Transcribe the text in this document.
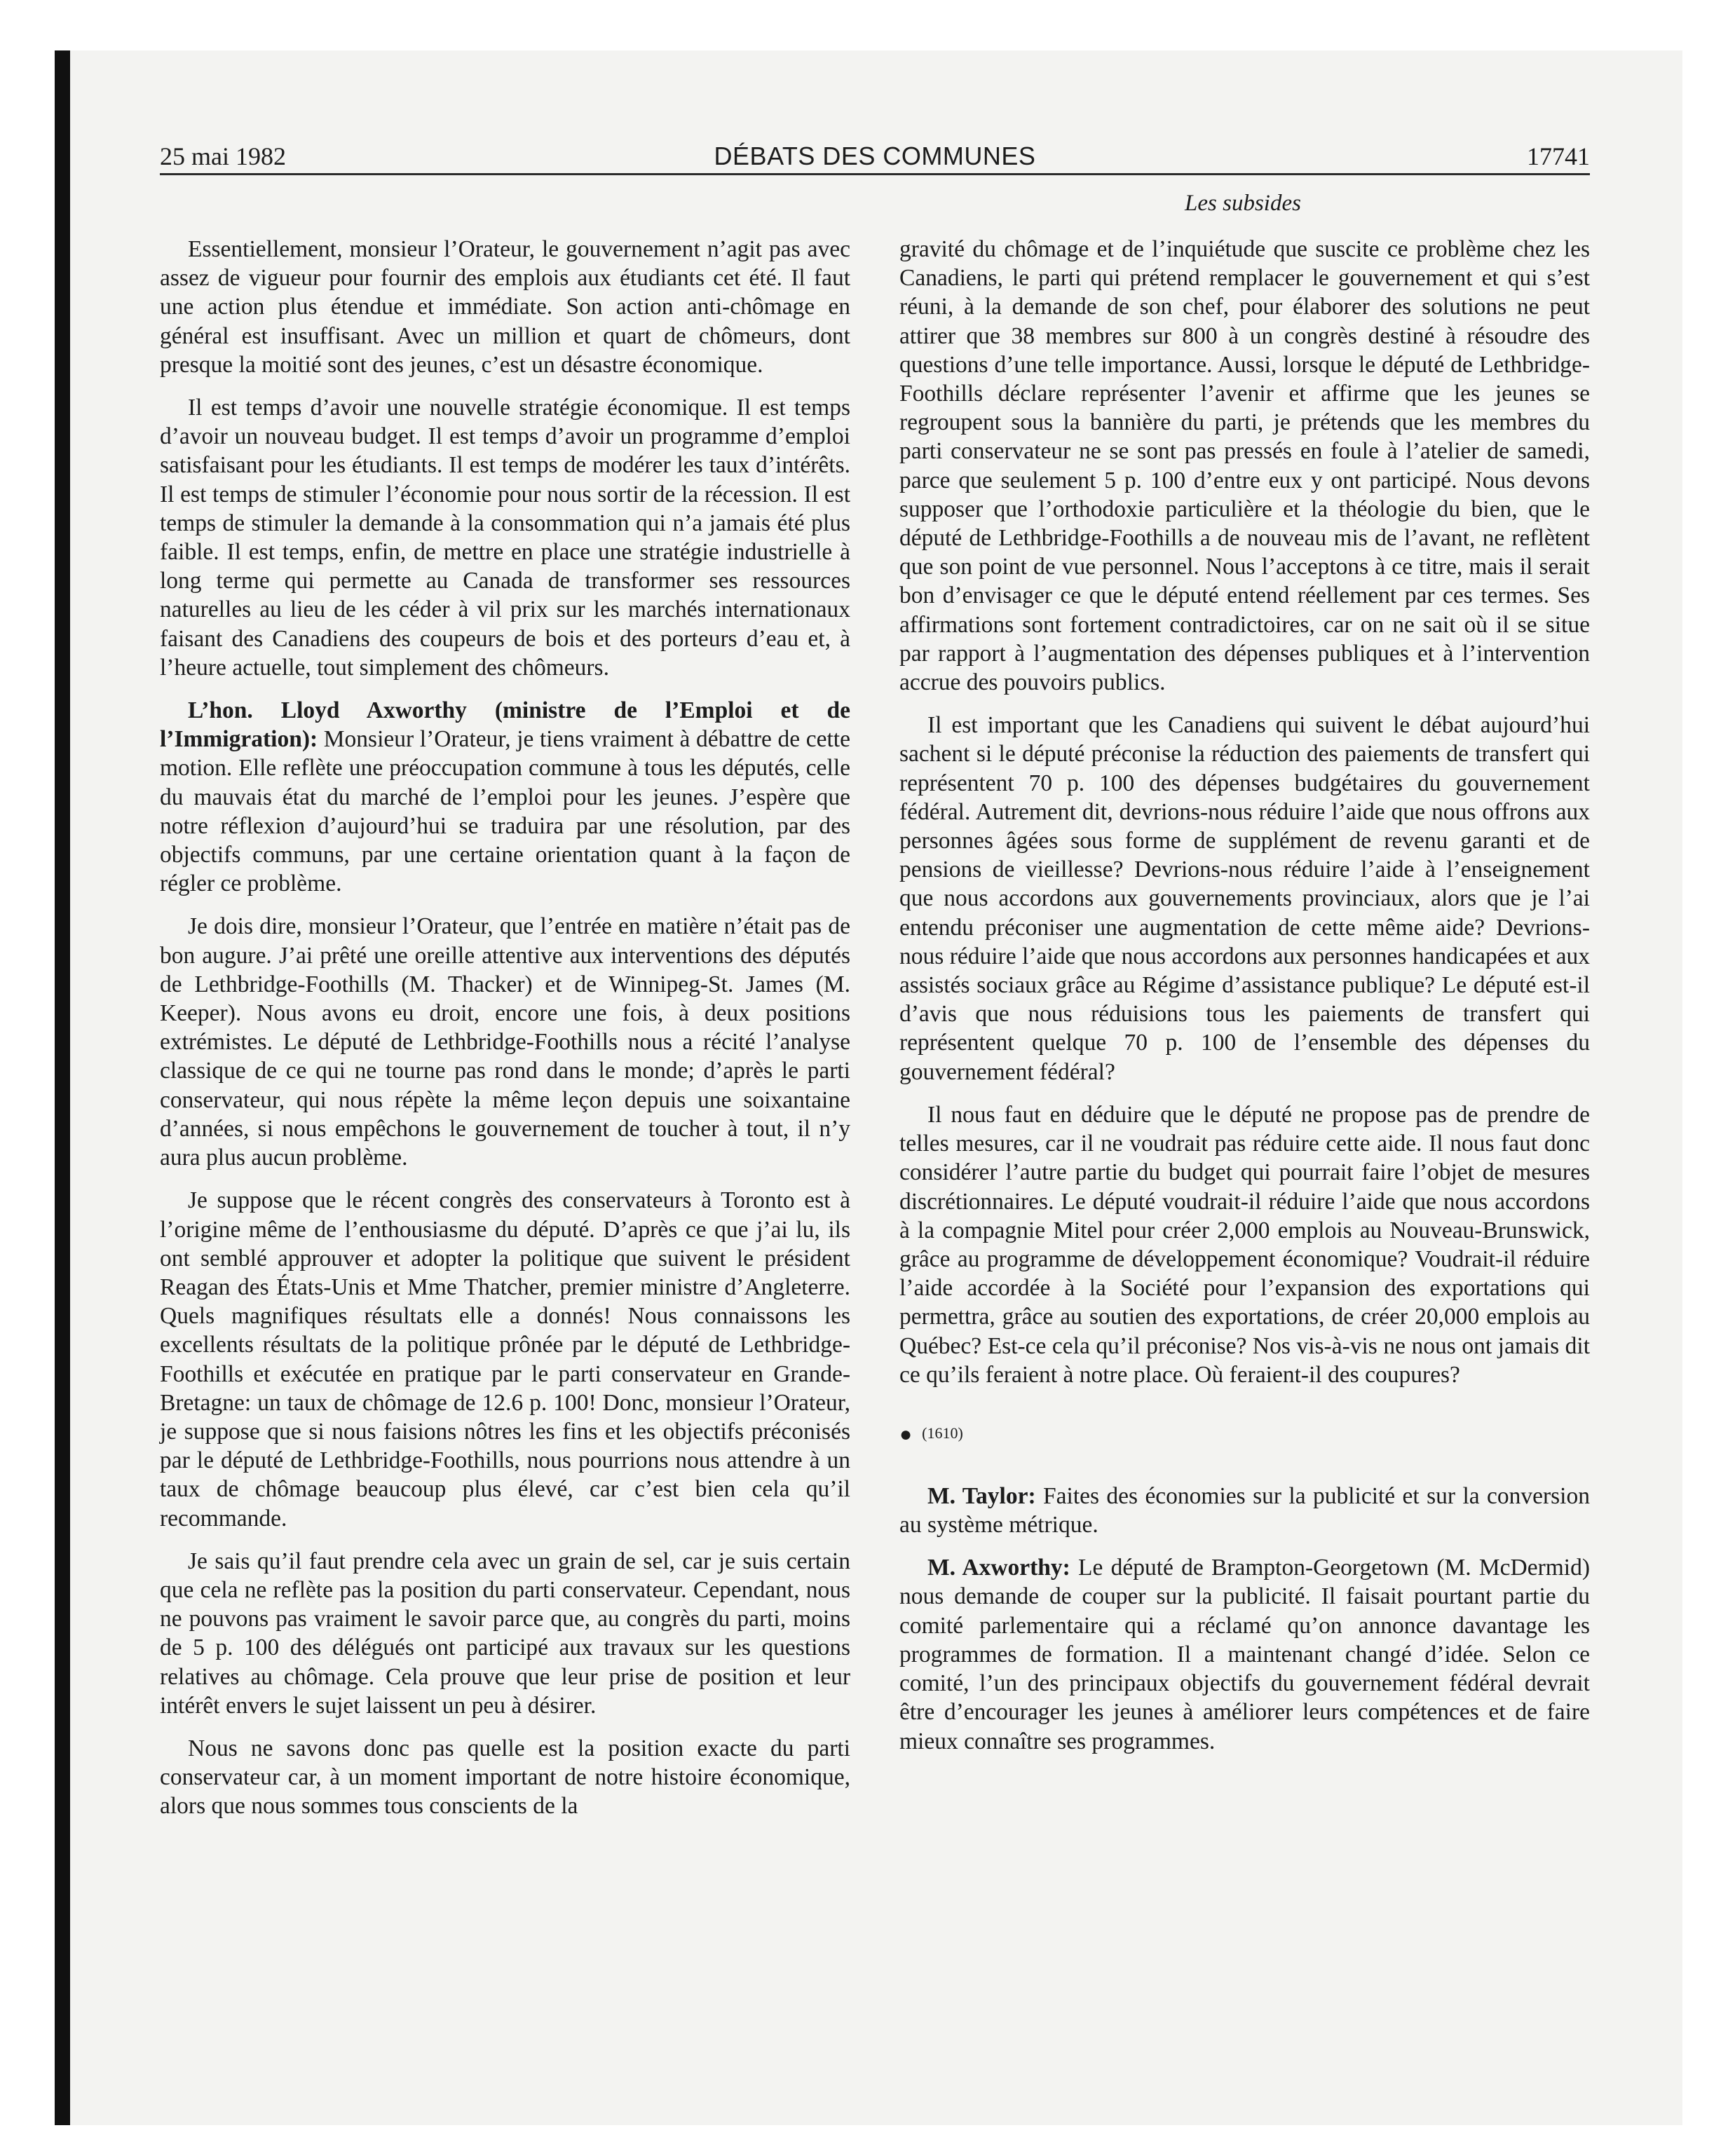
25 mai 1982	DÉBATS DES COMMUNES	17741
Les subsides

Essentiellement, monsieur l’Orateur, le gouvernement n’agit pas avec assez de vigueur pour fournir des emplois aux étudiants cet été. Il faut une action plus étendue et immédiate. Son action anti-chômage en général est insuffisant. Avec un million et quart de chômeurs, dont presque la moitié sont des jeunes, c’est un désastre économique.

Il est temps d’avoir une nouvelle stratégie économique. Il est temps d’avoir un nouveau budget. Il est temps d’avoir un programme d’emploi satisfaisant pour les étudiants. Il est temps de modérer les taux d’intérêts. Il est temps de stimuler l’économie pour nous sortir de la récession. Il est temps de stimuler la demande à la consommation qui n’a jamais été plus faible. Il est temps, enfin, de mettre en place une stratégie industrielle à long terme qui permette au Canada de transformer ses ressources naturelles au lieu de les céder à vil prix sur les marchés internationaux faisant des Canadiens des coupeurs de bois et des porteurs d’eau et, à l’heure actuelle, tout simplement des chômeurs.

L’hon. Lloyd Axworthy (ministre de l’Emploi et de l’Immigration): Monsieur l’Orateur, je tiens vraiment à débattre de cette motion. Elle reflète une préoccupation commune à tous les députés, celle du mauvais état du marché de l’emploi pour les jeunes. J’espère que notre réflexion d’aujourd’hui se traduira par une résolution, par des objectifs communs, par une certaine orientation quant à la façon de régler ce problème.

Je dois dire, monsieur l’Orateur, que l’entrée en matière n’était pas de bon augure. J’ai prêté une oreille attentive aux interventions des députés de Lethbridge-Foothills (M. Thacker) et de Winnipeg-St. James (M. Keeper). Nous avons eu droit, encore une fois, à deux positions extrémistes. Le député de Lethbridge-Foothills nous a récité l’analyse classique de ce qui ne tourne pas rond dans le monde; d’après le parti conservateur, qui nous répète la même leçon depuis une soixantaine d’années, si nous empêchons le gouvernement de toucher à tout, il n’y aura plus aucun problème.

Je suppose que le récent congrès des conservateurs à Toronto est à l’origine même de l’enthousiasme du député. D’après ce que j’ai lu, ils ont semblé approuver et adopter la politique que suivent le président Reagan des États-Unis et Mme Thatcher, premier ministre d’Angleterre. Quels magnifiques résultats elle a donnés! Nous connaissons les excellents résultats de la politique prônée par le député de Lethbridge-Foothills et exécutée en pratique par le parti conservateur en Grande-Bretagne: un taux de chômage de 12.6 p. 100! Donc, monsieur l’Orateur, je suppose que si nous faisions nôtres les fins et les objectifs préconisés par le député de Lethbridge-Foothills, nous pourrions nous attendre à un taux de chômage beaucoup plus élevé, car c’est bien cela qu’il recommande.

Je sais qu’il faut prendre cela avec un grain de sel, car je suis certain que cela ne reflète pas la position du parti conservateur. Cependant, nous ne pouvons pas vraiment le savoir parce que, au congrès du parti, moins de 5 p. 100 des délégués ont participé aux travaux sur les questions relatives au chômage. Cela prouve que leur prise de position et leur intérêt envers le sujet laissent un peu à désirer.

Nous ne savons donc pas quelle est la position exacte du parti conservateur car, à un moment important de notre histoire économique, alors que nous sommes tous conscients de la

gravité du chômage et de l’inquiétude que suscite ce problème chez les Canadiens, le parti qui prétend remplacer le gouvernement et qui s’est réuni, à la demande de son chef, pour élaborer des solutions ne peut attirer que 38 membres sur 800 à un congrès destiné à résoudre des questions d’une telle importance. Aussi, lorsque le député de Lethbridge-Foothills déclare représenter l’avenir et affirme que les jeunes se regroupent sous la bannière du parti, je prétends que les membres du parti conservateur ne se sont pas pressés en foule à l’atelier de samedi, parce que seulement 5 p. 100 d’entre eux y ont participé. Nous devons supposer que l’orthodoxie particulière et la théologie du bien, que le député de Lethbridge-Foothills a de nouveau mis de l’avant, ne reflètent que son point de vue personnel. Nous l’acceptons à ce titre, mais il serait bon d’envisager ce que le député entend réellement par ces termes. Ses affirmations sont fortement contradictoires, car on ne sait où il se situe par rapport à l’augmentation des dépenses publiques et à l’intervention accrue des pouvoirs publics.

Il est important que les Canadiens qui suivent le débat aujourd’hui sachent si le député préconise la réduction des paiements de transfert qui représentent 70 p. 100 des dépenses budgétaires du gouvernement fédéral. Autrement dit, devrions-nous réduire l’aide que nous offrons aux personnes âgées sous forme de supplément de revenu garanti et de pensions de vieillesse? Devrions-nous réduire l’aide à l’enseignement que nous accordons aux gouvernements provinciaux, alors que je l’ai entendu préconiser une augmentation de cette même aide? Devrions-nous réduire l’aide que nous accordons aux personnes handicapées et aux assistés sociaux grâce au Régime d’assistance publique? Le député est-il d’avis que nous réduisions tous les paiements de transfert qui représentent quelque 70 p. 100 de l’ensemble des dépenses du gouvernement fédéral?

Il nous faut en déduire que le député ne propose pas de prendre de telles mesures, car il ne voudrait pas réduire cette aide. Il nous faut donc considérer l’autre partie du budget qui pourrait faire l’objet de mesures discrétionnaires. Le député voudrait-il réduire l’aide que nous accordons à la compagnie Mitel pour créer 2,000 emplois au Nouveau-Brunswick, grâce au programme de développement économique? Voudrait-il réduire l’aide accordée à la Société pour l’expansion des exportations qui permettra, grâce au soutien des exportations, de créer 20,000 emplois au Québec? Est-ce cela qu’il préconise? Nos vis-à-vis ne nous ont jamais dit ce qu’ils feraient à notre place. Où feraient-il des coupures?

● (1610)

M. Taylor: Faites des économies sur la publicité et sur la conversion au système métrique.

M. Axworthy: Le député de Brampton-Georgetown (M. McDermid) nous demande de couper sur la publicité. Il faisait pourtant partie du comité parlementaire qui a réclamé qu’on annonce davantage les programmes de formation. Il a maintenant changé d’idée. Selon ce comité, l’un des principaux objectifs du gouvernement fédéral devrait être d’encourager les jeunes à améliorer leurs compétences et de faire mieux connaître ses programmes.
